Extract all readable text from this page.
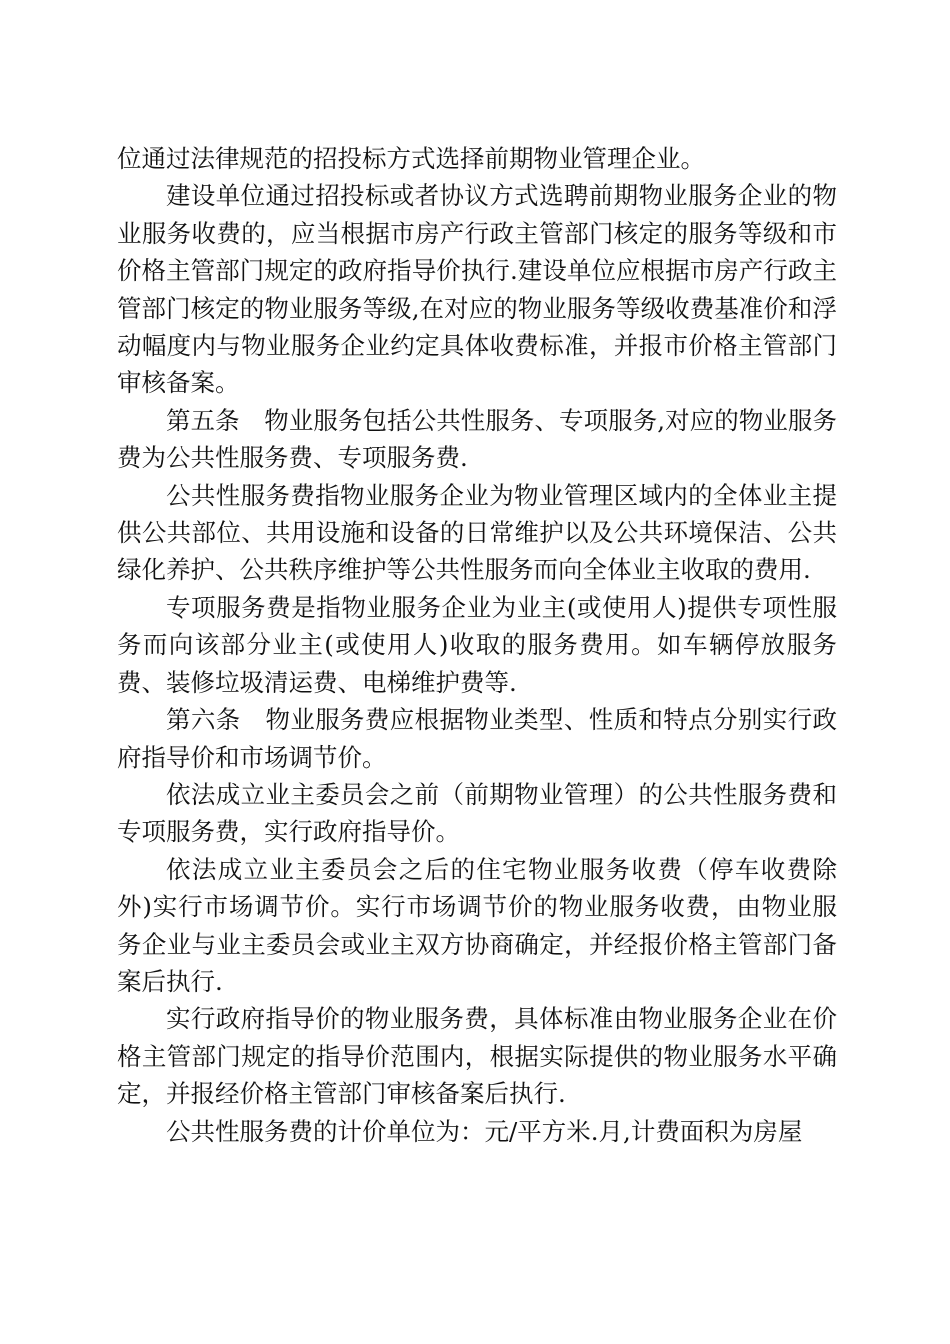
位通过法律规范的招投标方式选择前期物业管理企业。

建设单位通过招投标或者协议方式选聘前期物业服务企业的物业服务收费的，应当根据市房产行政主管部门核定的服务等级和市价格主管部门规定的政府指导价执行.建设单位应根据市房产行政主管部门核定的物业服务等级,在对应的物业服务等级收费基准价和浮动幅度内与物业服务企业约定具体收费标准，并报市价格主管部门审核备案。

第五条　物业服务包括公共性服务、专项服务,对应的物业服务费为公共性服务费、专项服务费.

公共性服务费指物业服务企业为物业管理区域内的全体业主提供公共部位、共用设施和设备的日常维护以及公共环境保洁、公共绿化养护、公共秩序维护等公共性服务而向全体业主收取的费用.

专项服务费是指物业服务企业为业主(或使用人)提供专项性服务而向该部分业主(或使用人)收取的服务费用。如车辆停放服务费、装修垃圾清运费、电梯维护费等.

第六条　物业服务费应根据物业类型、性质和特点分别实行政府指导价和市场调节价。

依法成立业主委员会之前（前期物业管理）的公共性服务费和专项服务费，实行政府指导价。

依法成立业主委员会之后的住宅物业服务收费（停车收费除外)实行市场调节价。实行市场调节价的物业服务收费，由物业服务企业与业主委员会或业主双方协商确定，并经报价格主管部门备案后执行.

实行政府指导价的物业服务费，具体标准由物业服务企业在价格主管部门规定的指导价范围内，根据实际提供的物业服务水平确定，并报经价格主管部门审核备案后执行.

公共性服务费的计价单位为：元/平方米.月,计费面积为房屋
